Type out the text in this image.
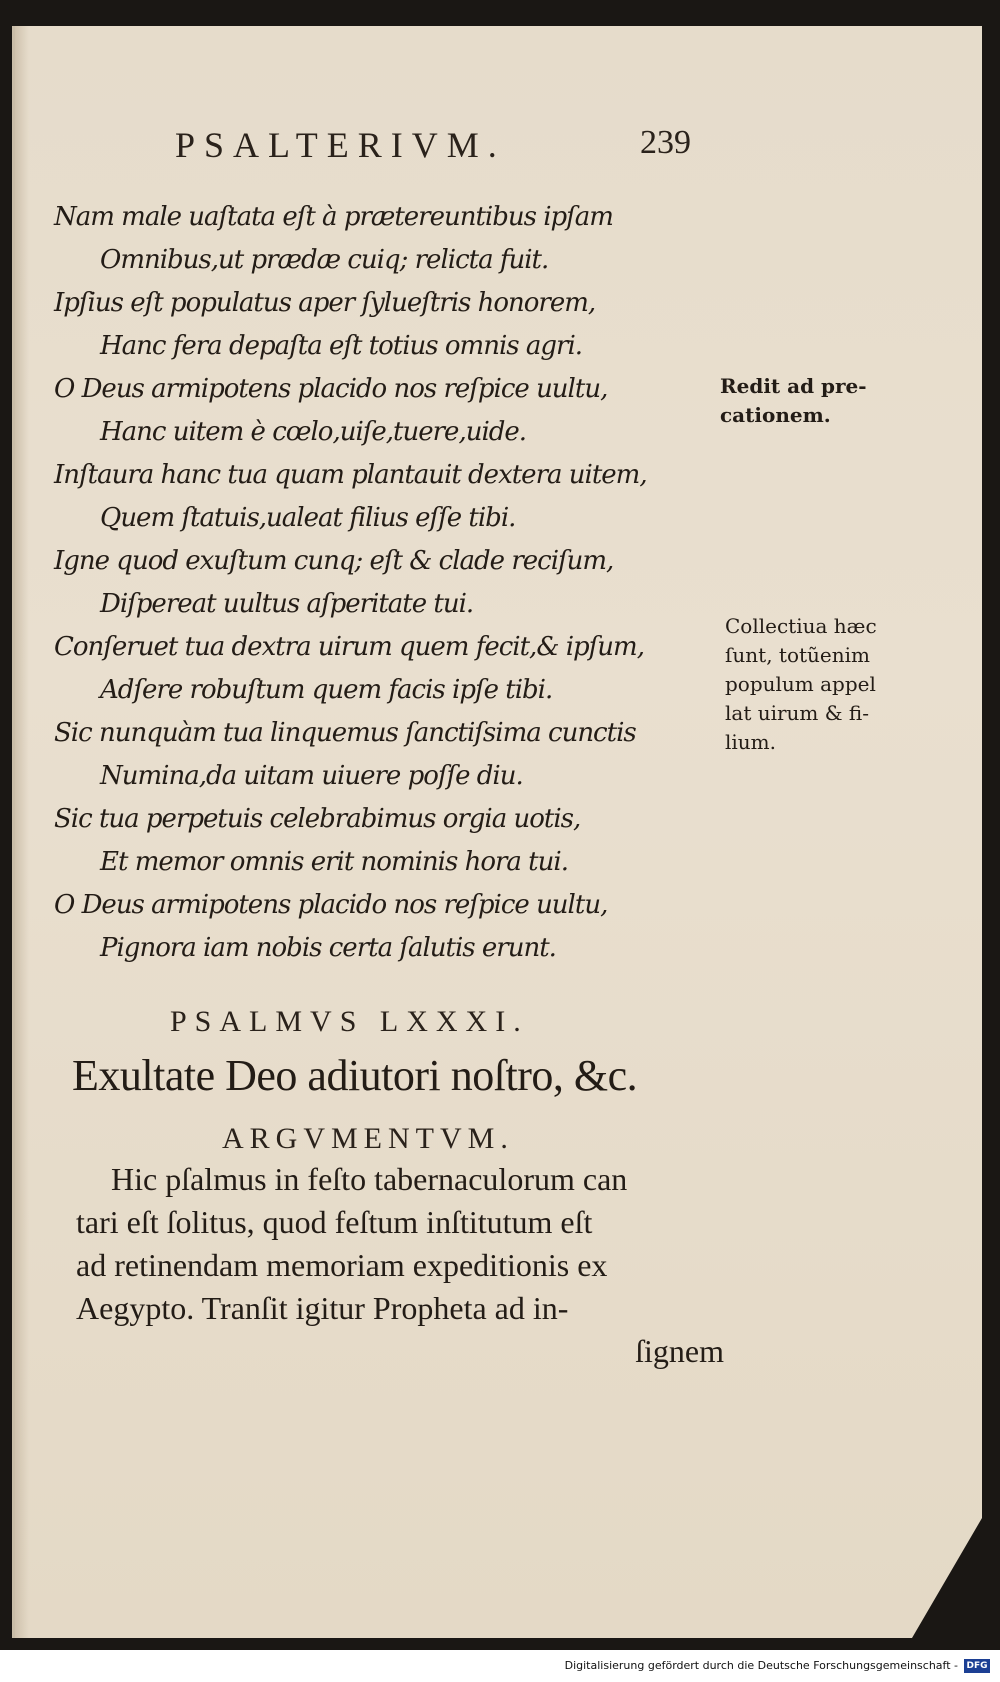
PSALTERIVM.	239
Nam male uaſtata eſt à prætereuntibus ipſam
Omnibus,ut prædæ cuiq; relicta fuit.
Ipſius eſt populatus aper ſylueſtris honorem,
Hanc fera depaſta eſt totius omnis agri.
O Deus armipotens placido nos reſpice uultu,
Hanc uitem è cœlo,uiſe,tuere,uide.
Inſtaura hanc tua quam plantauit dextera uitem,
Quem ſtatuis,ualeat filius eſſe tibi.
Igne quod exuſtum cunq; eſt & clade reciſum,
Diſpereat uultus aſperitate tui.
Conſeruet tua dextra uirum quem fecit,& ipſum,
Adſere robuſtum quem facis ipſe tibi.
Sic nunquàm tua linquemus ſanctiſsima cunctis
Numina,da uitam uiuere poſſe diu.
Sic tua perpetuis celebrabimus orgia uotis,
Et memor omnis erit nominis hora tui.
O Deus armipotens placido nos reſpice uultu,
Pignora iam nobis certa ſalutis erunt.
Redit ad pre-
cationem.
Collectiua hæc
ſunt, totũenim
populum appel
lat uirum & fi-
lium.
PSALMVS LXXXI.
Exultate Deo adiutori noſtro, &c.
ARGVMENTVM.
Hic pſalmus in feſto tabernaculorum can
tari eſt ſolitus, quod feſtum inſtitutum eſt
ad retinendam memoriam expeditionis ex
Aegypto. Tranſit igitur Propheta ad in-
ſignem
Digitalisierung gefördert durch die Deutsche Forschungsgemeinschaft - DFG
